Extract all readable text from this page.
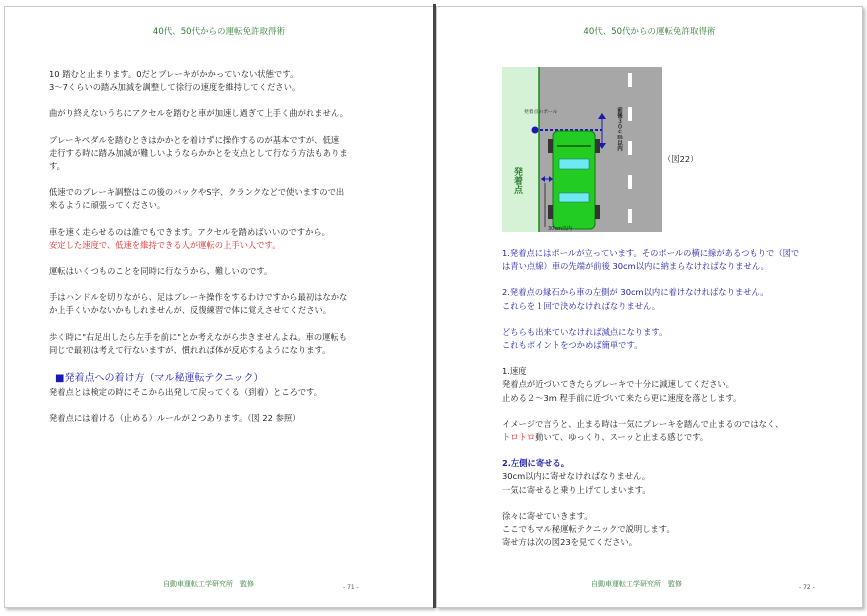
40代、50代からの運転免許取得術

10 踏むと止まります。0だとブレーキがかかっていない状態です。
3～7くらいの踏み加減を調整して徐行の速度を維持してください。

曲がり終えないうちにアクセルを踏むと車が加速し過ぎて上手く曲がれません。

ブレーキペダルを踏むときはかかとを着けずに操作するのが基本ですが、低速
走行する時に踏み加減が難しいようならかかとを支点として行なう方法もありま
す。

低速でのブレーキ調整はこの後のバックやS字、クランクなどで使いますので出
来るように頑張ってください。

車を速く走らせるのは誰でもできます。アクセルを踏めばいいのですから。
安定した速度で、低速を維持できる人が運転の上手い人です。

運転はいくつものことを同時に行なうから、難しいのです。

手はハンドルを切りながら、足はブレーキ操作をするわけですから最初はなかな
か上手くいかないかもしれませんが、反復練習で体に覚えさせてください。

歩く時に"右足出したら左手を前に"とか考えながら歩きませんよね。車の運転も
同じで最初は考えて行ないますが、慣れれば体が反応するようになります。

■発着点への着け方（マル秘運転テクニック）

発着点とは検定の時にそこから出発して戻ってくる（到着）ところです。

発着点には着ける（止める）ルールが２つあります。（図 22 参照）

自動車運転工学研究所　監修	- 71 -
40代、50代からの運転免許取得術
発着点のポール
発着点
前後３０ｃｍ以内
30cm以内
（図22）

1.発着点にはポールが立っています。そのポールの横に線があるつもりで（図で
は青い点線）車の先端が前後 30cm以内に納まらなければなりません。

2.発着点の縁石から車の左側が 30cm以内に着けなければなりません。
これらを１回で決めなければなりません。

どちらも出来ていなければ減点になります。
これもポイントをつかめば簡単です。

1.速度
発着点が近づいてきたらブレーキで十分に減速してください。
止める２～3m 程手前に近づいて来たら更に速度を落とします。

イメージで言うと、止まる時は一気にブレーキを踏んで止まるのではなく、
トロトロ動いて、ゆっくり、スーッと止まる感じです。

2.左側に寄せる。
30cm以内に寄せなければなりません。
一気に寄せると乗り上げてしまいます。

徐々に寄せていきます。
ここでもマル秘運転テクニックで説明します。
寄せ方は次の図23を見てください。

自動車運転工学研究所　監修	- 72 -
